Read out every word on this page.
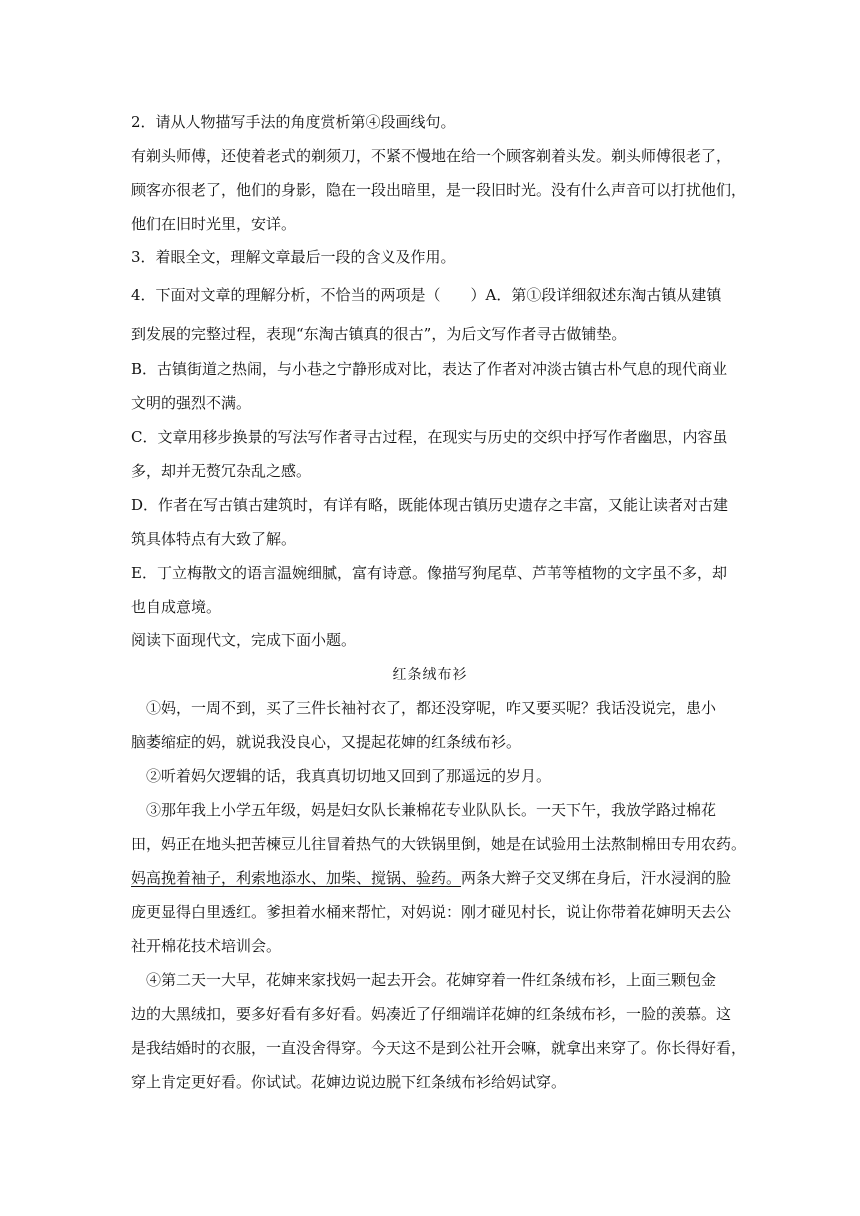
2．请从人物描写手法的角度赏析第④段画线句。
有剃头师傅，还使着老式的剃须刀，不紧不慢地在给一个顾客剃着头发。剃头师傅很老了，
顾客亦很老了，他们的身影，隐在一段出暗里，是一段旧时光。没有什么声音可以打扰他们，
他们在旧时光里，安详。
3．着眼全文，理解文章最后一段的含义及作用。
4．下面对文章的理解分析，不恰当的两项是（　　）A．第①段详细叙述东淘古镇从建镇
到发展的完整过程，表现“东淘古镇真的很古”，为后文写作者寻古做铺垫。
B．古镇街道之热闹，与小巷之宁静形成对比，表达了作者对冲淡古镇古朴气息的现代商业
文明的强烈不满。
C．文章用移步换景的写法写作者寻古过程，在现实与历史的交织中抒写作者幽思，内容虽
多，却并无赘冗杂乱之感。
D．作者在写古镇古建筑时，有详有略，既能体现古镇历史遗存之丰富，又能让读者对古建
筑具体特点有大致了解。
E．丁立梅散文的语言温婉细腻，富有诗意。像描写狗尾草、芦苇等植物的文字虽不多，却
也自成意境。
阅读下面现代文，完成下面小题。
红条绒布衫
　①妈，一周不到，买了三件长袖衬衣了，都还没穿呢，咋又要买呢？我话没说完，患小
脑萎缩症的妈，就说我没良心，又提起花婶的红条绒布衫。
　②听着妈欠逻辑的话，我真真切切地又回到了那遥远的岁月。
　③那年我上小学五年级，妈是妇女队长兼棉花专业队队长。一天下午，我放学路过棉花
田，妈正在地头把苦楝豆儿往冒着热气的大铁锅里倒，她是在试验用土法熬制棉田专用农药。
妈高挽着袖子，利索地添水、加柴、搅锅、验药。两条大辫子交叉绑在身后，汗水浸润的脸
庞更显得白里透红。爹担着水桶来帮忙，对妈说：刚才碰见村长，说让你带着花婶明天去公
社开棉花技术培训会。
　④第二天一大早，花婶来家找妈一起去开会。花婶穿着一件红条绒布衫，上面三颗包金
边的大黑绒扣，要多好看有多好看。妈凑近了仔细端详花婶的红条绒布衫，一脸的羡慕。这
是我结婚时的衣服，一直没舍得穿。今天这不是到公社开会嘛，就拿出来穿了。你长得好看，
穿上肯定更好看。你试试。花婶边说边脱下红条绒布衫给妈试穿。
